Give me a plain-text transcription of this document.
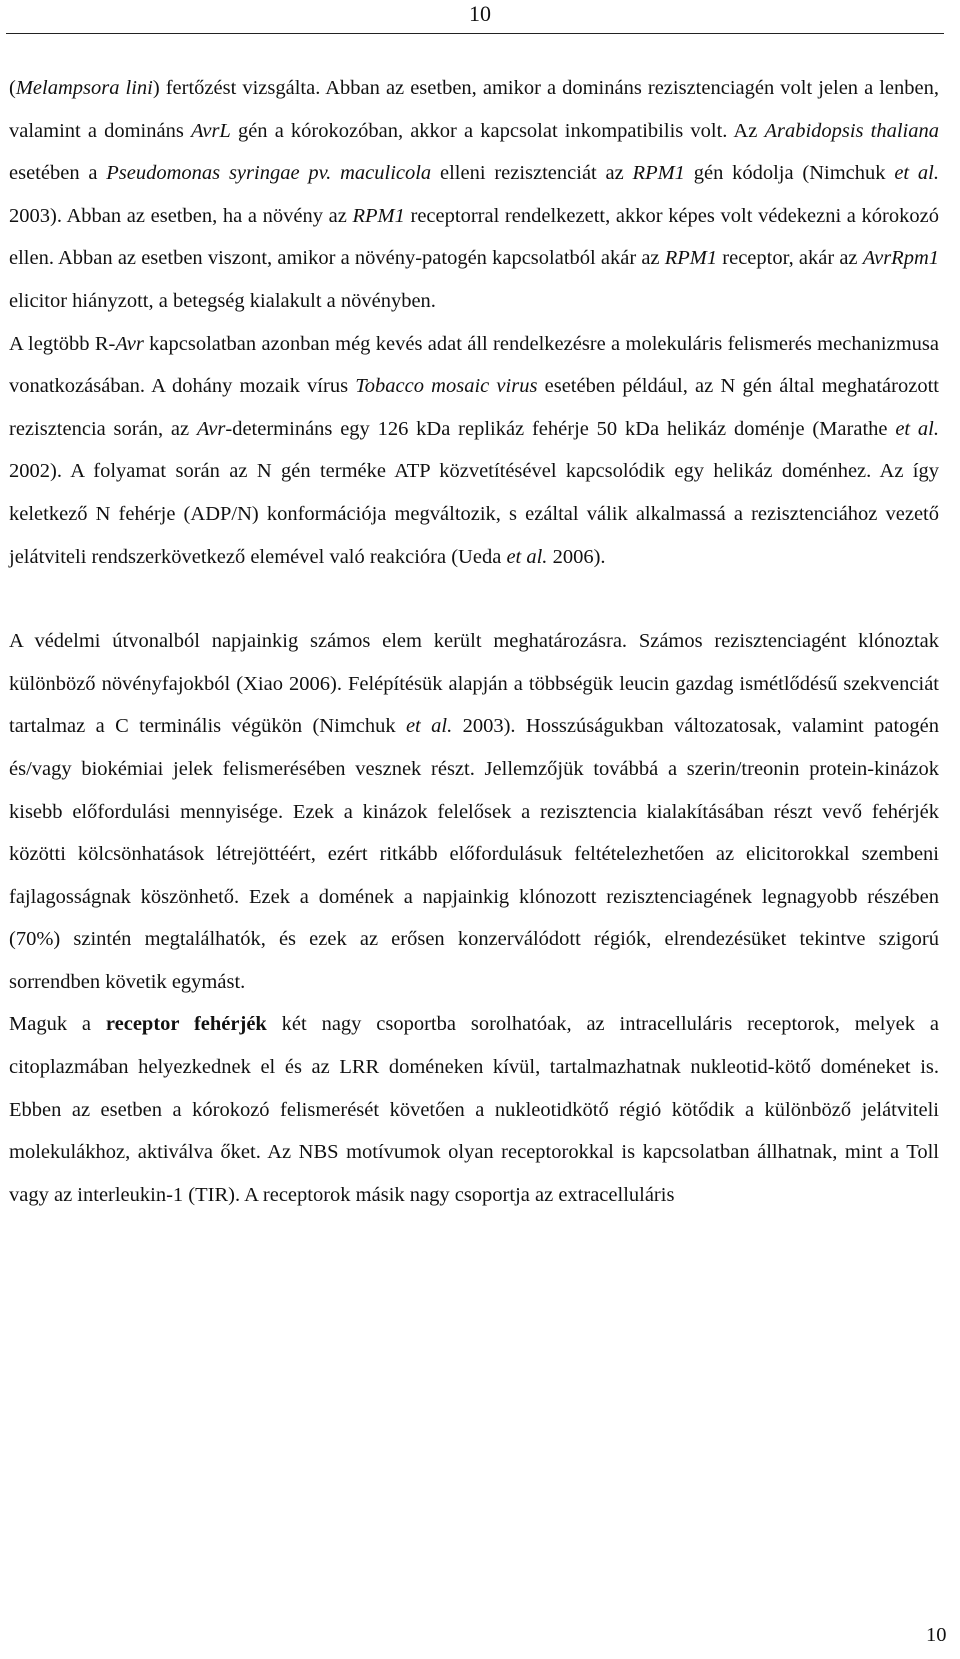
10

(Melampsora lini) fertőzést vizsgálta. Abban az esetben, amikor a domináns rezisztenciagén volt jelen a lenben, valamint a domináns AvrL gén a kórokozóban, akkor a kapcsolat inkompatibilis volt. Az Arabidopsis thaliana esetében a Pseudomonas syringae pv. maculicola elleni rezisztenciát az RPM1 gén kódolja (Nimchuk et al. 2003). Abban az esetben, ha a növény az RPM1 receptorral rendelkezett, akkor képes volt védekezni a kórokozó ellen. Abban az esetben viszont, amikor a növény-patogén kapcsolatból akár az RPM1 receptor, akár az AvrRpm1 elicitor hiányzott, a betegség kialakult a növényben.

A legtöbb R-Avr kapcsolatban azonban még kevés adat áll rendelkezésre a molekuláris felismerés mechanizmusa vonatkozásában. A dohány mozaik vírus Tobacco mosaic virus esetében például, az N gén által meghatározott rezisztencia során, az Avr-determináns egy 126 kDa replikáz fehérje 50 kDa helikáz doménje (Marathe et al. 2002). A folyamat során az N gén terméke ATP közvetítésével kapcsolódik egy helikáz doménhez. Az így keletkező N fehérje (ADP/N) konformációja megváltozik, s ezáltal válik alkalmassá a rezisztenciához vezető jelátviteli rendszerkövetkező elemével való reakcióra (Ueda et al. 2006).

A védelmi útvonalból napjainkig számos elem került meghatározásra. Számos rezisztenciagént klónoztak különböző növényfajokból (Xiao 2006). Felépítésük alapján a többségük leucin gazdag ismétlődésű szekvenciát tartalmaz a C terminális végükön (Nimchuk et al. 2003). Hosszúságukban változatosak, valamint patogén és/vagy biokémiai jelek felismerésében vesznek részt. Jellemzőjük továbbá a szerin/treonin protein-kinázok kisebb előfordulási mennyisége. Ezek a kinázok felelősek a rezisztencia kialakításában részt vevő fehérjék közötti kölcsönhatások létrejöttéért, ezért ritkább előfordulásuk feltételezhetően az elicitorokkal szembeni fajlagosságnak köszönhető. Ezek a domének a napjainkig klónozott rezisztenciagének legnagyobb részében (70%) szintén megtalálhatók, és ezek az erősen konzerválódott régiók, elrendezésüket tekintve szigorú sorrendben követik egymást.

Maguk a receptor fehérjék két nagy csoportba sorolhatóak, az intracelluláris receptorok, melyek a citoplazmában helyezkednek el és az LRR doméneken kívül, tartalmazhatnak nukleotid-kötő doméneket is. Ebben az esetben a kórokozó felismerését követően a nukleotidkötő régió kötődik a különböző jelátviteli molekulákhoz, aktiválva őket. Az NBS motívumok olyan receptorokkal is kapcsolatban állhatnak, mint a Toll vagy az interleukin-1 (TIR). A receptorok másik nagy csoportja az extracelluláris

10
